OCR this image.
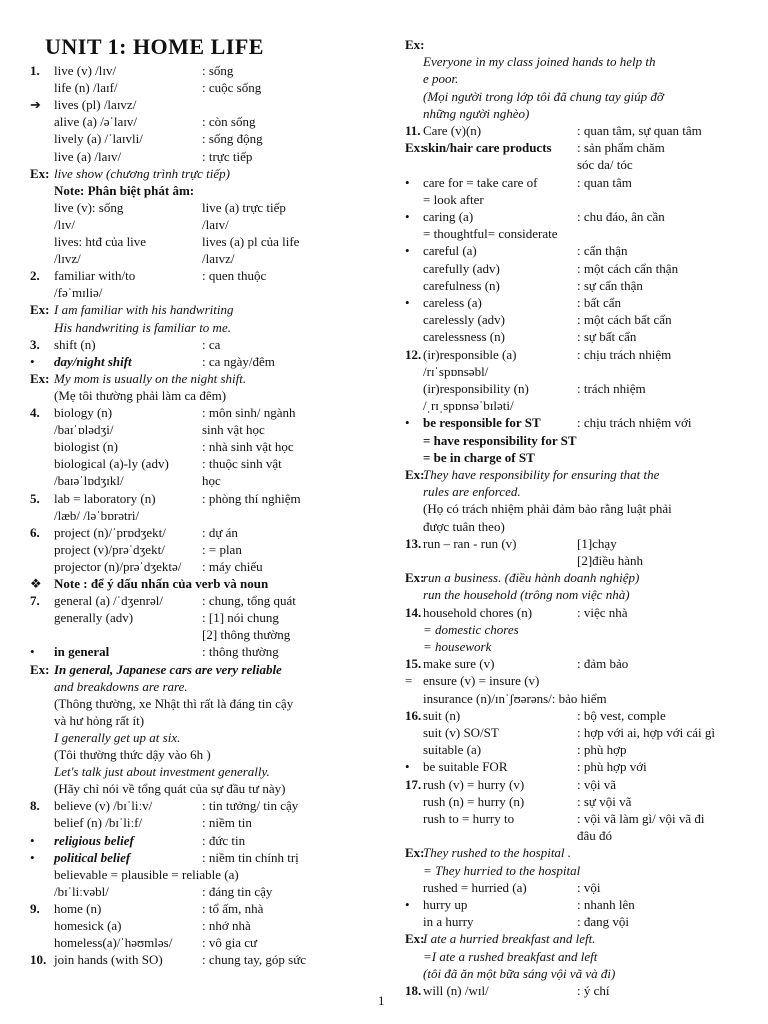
UNIT 1: HOME LIFE
1. live (v) /lɪv/	: sống
life (n) /laɪf/	: cuộc sống
➔ lives (pl) /laɪvz/
alive (a) /əˈlaɪv/	: còn sống
lively (a) /ˈlaɪvli/	: sống động
live (a) /laɪv/	: trực tiếp
Ex: live show (chương trình trực tiếp)
Note: Phân biệt phát âm:
live (v): sống	live (a) trực tiếp
/lɪv/	/laɪv/
lives: htđ của live	lives (a) pl của life
/lɪvz/	/laɪvz/
2. familiar with/to	: quen thuộc
/fəˈmɪliə/
Ex: I am familiar with his handwriting
His handwriting is familiar to me.
3. shift (n)	: ca
• day/night shift	: ca ngày/đêm
Ex: My mom is usually on the night shift.
(Mẹ tôi thường phải làm ca đêm)
4. biology (n)	: môn sinh/ ngành
/baɪˈɒlədʒi/	sinh vật học
biologist (n)	: nhà sinh vật học
biological (a)-ly (adv)	: thuộc sinh vật
/baɪəˈlɒdʒɪkl/	học
5. lab = laboratory (n)	: phòng thí nghiệm
/læb/ /ləˈbɒrətri/
6. project (n)/ˈprɒdʒekt/	: dự án
project (v)/prəˈdʒekt/	: = plan
projector (n)/prəˈdʒektə/ : máy chiếu
❖ Note : để ý dấu nhấn của verb và noun
7. general (a) /ˈdʒenrəl/	: chung, tổng quát
generally (adv)	: [1] nói chung
[2] thông thường
• in general	: thông thường
Ex: In general, Japanese cars are very reliable
and breakdowns are rare.
(Thông thường, xe Nhật thì rất là đáng tin cậy
và hư hỏng rất ít)
I generally get up at six.
(Tôi thường thức dậy vào 6h )
Let's talk just about investment generally.
(Hãy chỉ nói về tổng quát của sự đầu tư này)
8. believe (v) /bɪˈliːv/	: tin tưởng/ tin cậy
belief (n) /bɪˈliːf/	: niềm tin
• religious belief	: đức tin
• political belief	: niềm tin chính trị
believable = plausible = reliable (a)
/bɪˈliːvəbl/	: đáng tin cậy
9. home (n)	: tổ ấm, nhà
homesick (a)	: nhớ nhà
homeless(a)/ˈhəʊmləs/ : vô gia cư
10. join hands (with SO)	: chung tay, góp sức
Ex:
Everyone in my class joined hands to help th
e poor.
(Mọi người trong lớp tôi đã chung tay giúp đỡ
những người nghèo)
11. Care (v)(n)	: quan tâm, sự quan tâm
Ex:
skin/hair care products : sản phẩm chăm
sóc da/ tóc
• care for = take care of	: quan tâm
= look after
• caring (a)	: chu đáo, ân cần
= thoughtful= considerate
• careful (a)	: cẩn thận
carefully (adv)	: một cách cẩn thận
carefulness (n)	: sự cẩn thận
• careless (a)	: bất cẩn
carelessly (adv)	: một cách bất cẩn
carelessness (n)	: sự bất cẩn
12. (ir)responsible (a)	: chịu trách nhiệm
/rɪˈspɒnsəbl/
(ir)responsibility (n)	: trách nhiệm
/ˌrɪˌspɒnsəˈbɪləti/
• be responsible for ST	: chịu trách nhiệm với
= have responsibility for ST
= be in charge of ST
Ex:
They have responsibility for ensuring that the
rules are enforced.
(Họ có trách nhiệm phải đảm bảo rằng luật phải
được tuân theo)
13. run – ran - run (v)	[1]chạy
[2]điều hành
Ex:
run a business. (điều hành doanh nghiệp)
run the household (trông nom việc nhà)
14. household chores (n)	: việc nhà
= domestic chores
= housework
15. make sure (v)	: đảm bảo
= ensure (v) = insure (v)
insurance (n)/ɪnˈʃʊərəns/: bảo hiểm
16. suit (n)	: bộ vest, comple
suit (v) SO/ST	: hợp với ai, hợp với cái gì
suitable (a)	: phù hợp
• be suitable FOR	: phù hợp với
17. rush (v) = hurry (v)	: vội vã
rush (n) = hurry (n)	: sự vội vã
rush to = hurry to	: vội vã làm gì/ vội vã đi
đâu đó
Ex:
They rushed to the hospital .
= They hurried to the hospital
rushed = hurried (a)	: vội
• hurry up	: nhanh lên
in a hurry	: đang vội
Ex:
I ate a hurried breakfast and left.
=I ate a rushed breakfast and left
(tôi đã ăn một bữa sáng vội vã và đi)
18. will (n) /wɪl/	: ý chí
1
